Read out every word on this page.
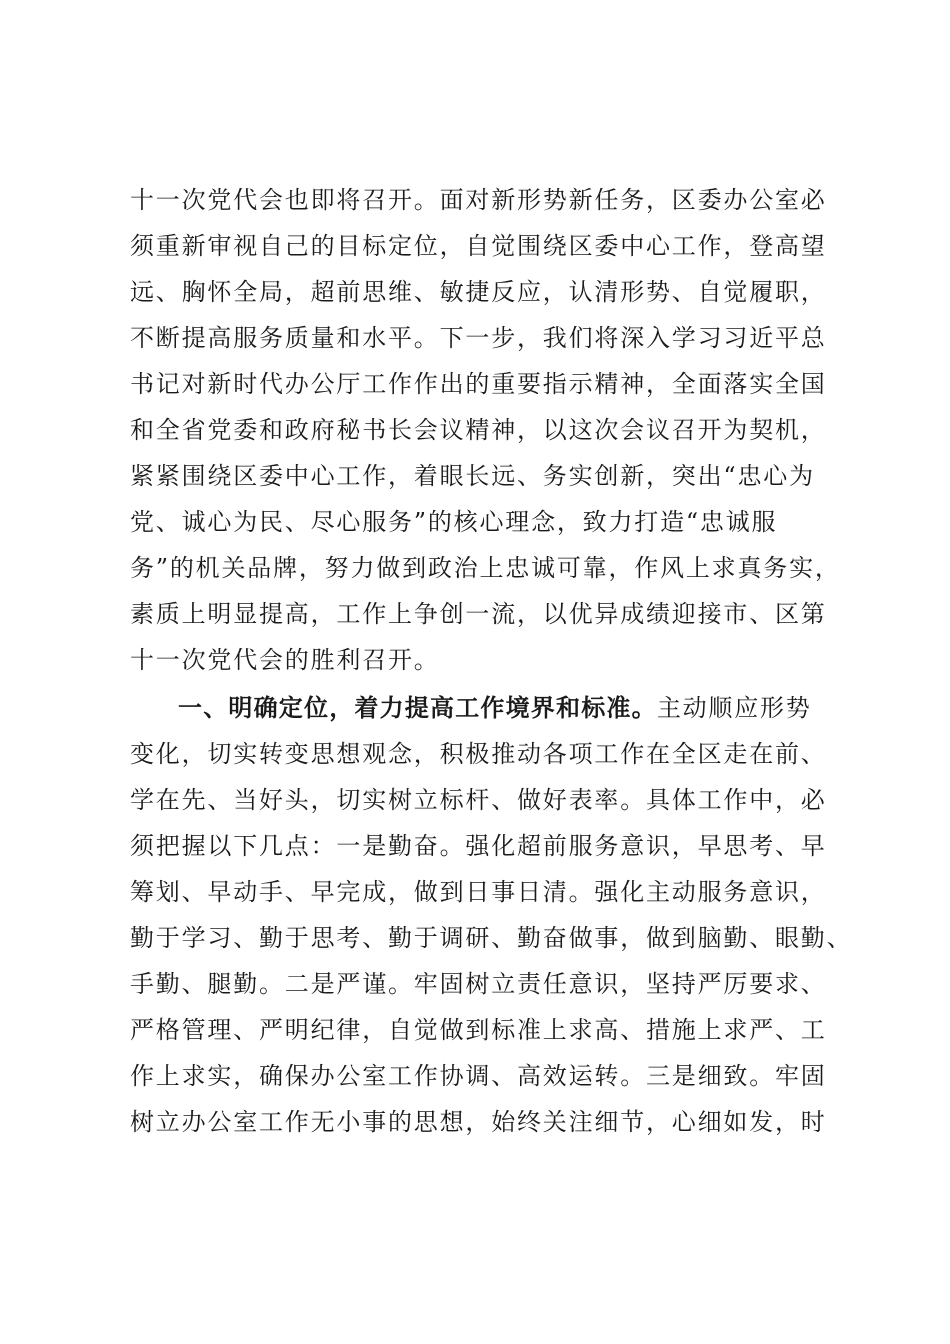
十一次党代会也即将召开。面对新形势新任务，区委办公室必
须重新审视自己的目标定位，自觉围绕区委中心工作，登高望
远、胸怀全局，超前思维、敏捷反应，认清形势、自觉履职，
不断提高服务质量和水平。下一步，我们将深入学习习近平总
书记对新时代办公厅工作作出的重要指示精神，全面落实全国
和全省党委和政府秘书长会议精神，以这次会议召开为契机，
紧紧围绕区委中心工作，着眼长远、务实创新，突出“忠心为
党、诚心为民、尽心服务”的核心理念，致力打造“忠诚服
务”的机关品牌，努力做到政治上忠诚可靠，作风上求真务实，
素质上明显提高，工作上争创一流，以优异成绩迎接市、区第
十一次党代会的胜利召开。
一、明确定位，着力提高工作境界和标准。主动顺应形势
变化，切实转变思想观念，积极推动各项工作在全区走在前、
学在先、当好头，切实树立标杆、做好表率。具体工作中，必
须把握以下几点：一是勤奋。强化超前服务意识，早思考、早
筹划、早动手、早完成，做到日事日清。强化主动服务意识，
勤于学习、勤于思考、勤于调研、勤奋做事，做到脑勤、眼勤、
手勤、腿勤。二是严谨。牢固树立责任意识，坚持严厉要求、
严格管理、严明纪律，自觉做到标准上求高、措施上求严、工
作上求实，确保办公室工作协调、高效运转。三是细致。牢固
树立办公室工作无小事的思想，始终关注细节，心细如发，时
